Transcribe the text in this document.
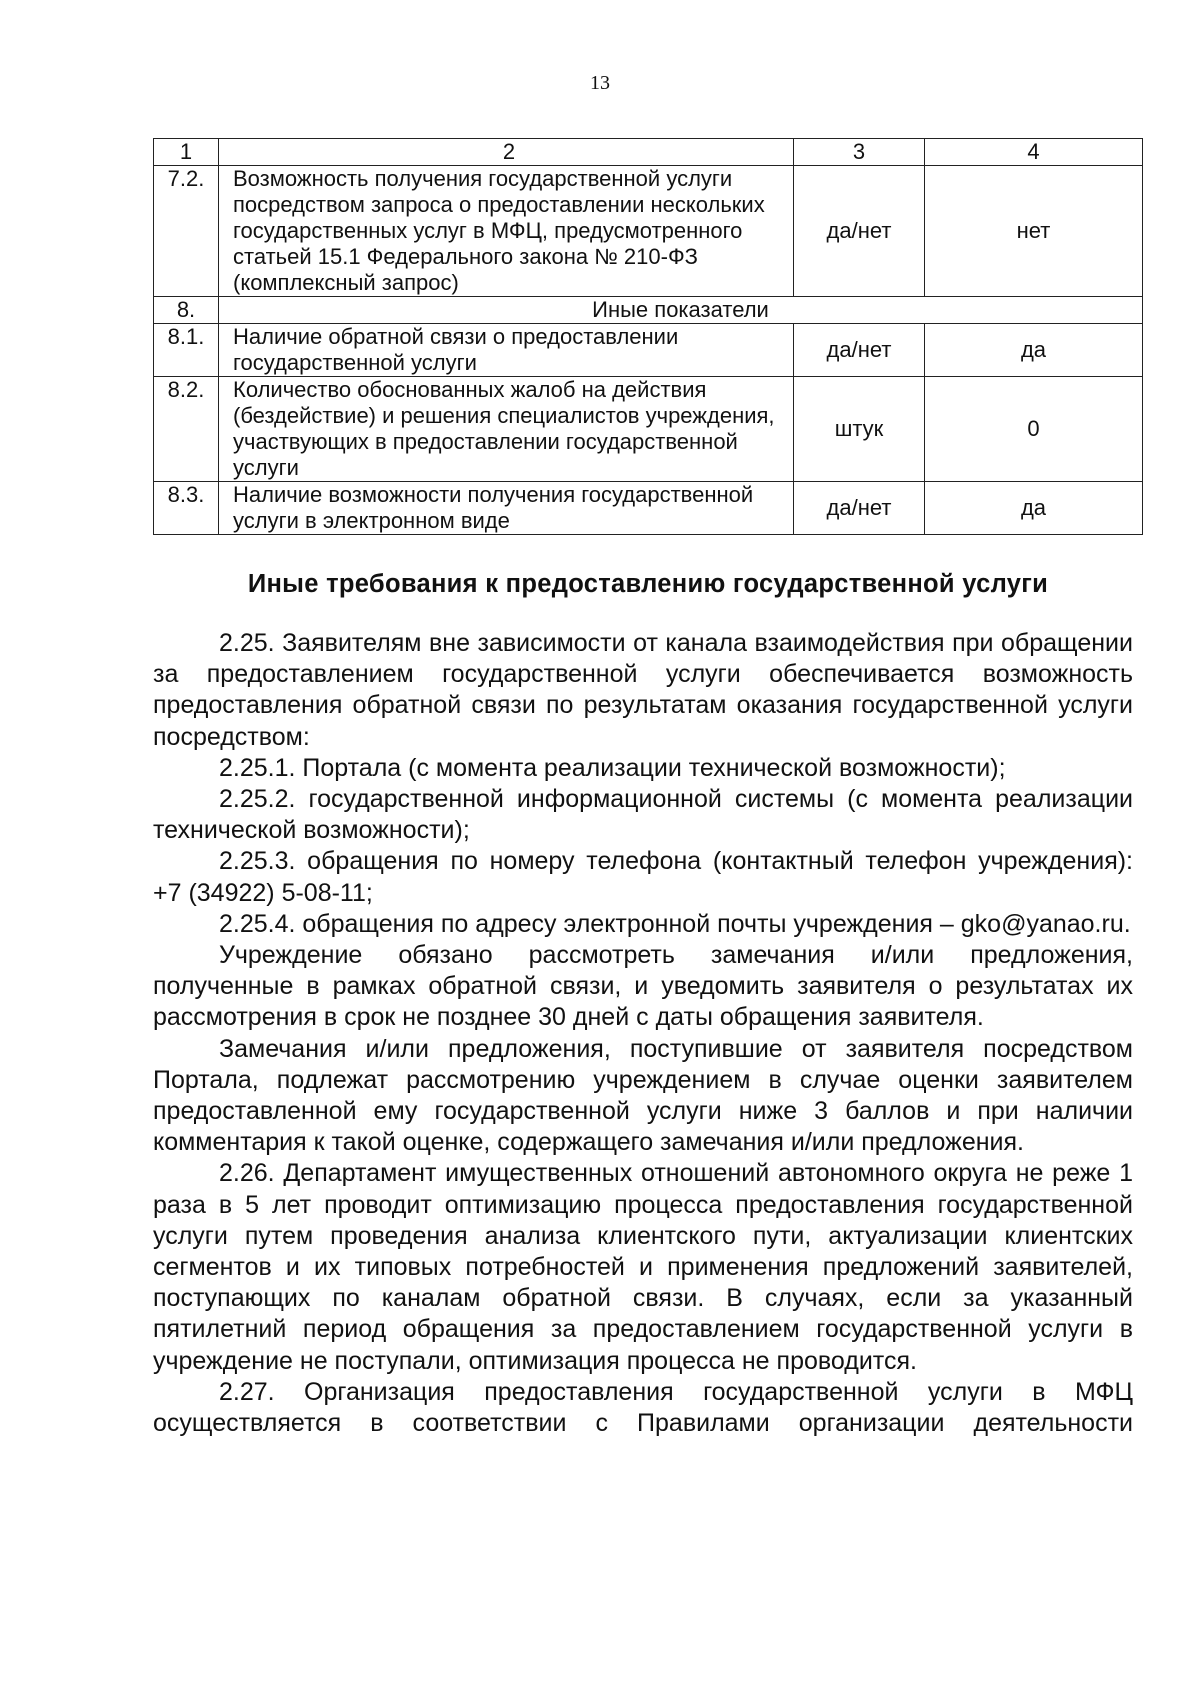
13
1	2	3	4
7.2.	Возможность получения государственной услуги посредством запроса о предоставлении нескольких государственных услуг в МФЦ, предусмотренного статьей 15.1 Федерального закона № 210-ФЗ (комплексный запрос)	да/нет	нет
8.	Иные показатели		
8.1.	Наличие обратной связи о предоставлении государственной услуги	да/нет	да
8.2.	Количество обоснованных жалоб на действия (бездействие) и решения специалистов учреждения, участвующих в предоставлении государственной услуги	штук	0
8.3.	Наличие возможности получения государственной услуги в электронном виде	да/нет	да
Иные требования к предоставлению государственной услуги

2.25. Заявителям вне зависимости от канала взаимодействия при обращении за предоставлением государственной услуги обеспечивается возможность предоставления обратной связи по результатам оказания государственной услуги посредством:

2.25.1. Портала (с момента реализации технической возможности);

2.25.2. государственной информационной системы (с момента реализации технической возможности);

2.25.3. обращения по номеру телефона (контактный телефон учреждения): +7 (34922) 5-08-11;

2.25.4. обращения по адресу электронной почты учреждения – gko@yanao.ru.

Учреждение обязано рассмотреть замечания и/или предложения, полученные в рамках обратной связи, и уведомить заявителя о результатах их рассмотрения в срок не позднее 30 дней с даты обращения заявителя.

Замечания и/или предложения, поступившие от заявителя посредством Портала, подлежат рассмотрению учреждением в случае оценки заявителем предоставленной ему государственной услуги ниже 3 баллов и при наличии комментария к такой оценке, содержащего замечания и/или предложения.

2.26. Департамент имущественных отношений автономного округа не реже 1 раза в 5 лет проводит оптимизацию процесса предоставления государственной услуги путем проведения анализа клиентского пути, актуализации клиентских сегментов и их типовых потребностей и применения предложений заявителей, поступающих по каналам обратной связи. В случаях, если за указанный пятилетний период обращения за предоставлением государственной услуги в учреждение не поступали, оптимизация процесса не проводится.

2.27. Организация предоставления государственной услуги в МФЦ осуществляется в соответствии с Правилами организации деятельности
